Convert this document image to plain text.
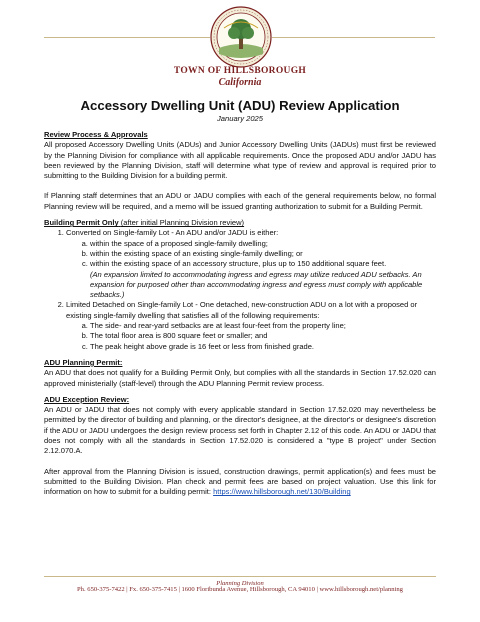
TOWN OF HILLSBOROUGH
California
Accessory Dwelling Unit (ADU) Review Application
January 2025
Review Process & Approvals

All proposed Accessory Dwelling Units (ADUs) and Junior Accessory Dwelling Units (JADUs) must first be reviewed by the Planning Division for compliance with all applicable requirements. Once the proposed ADU and/or JADU has been reviewed by the Planning Division, staff will determine what type of review and approval is required prior to submitting to the Building Division for a building permit.

If Planning staff determines that an ADU or JADU complies with each of the general requirements below, no formal Planning review will be required, and a memo will be issued granting authorization to submit for a Building Permit.

Building Permit Only (after initial Planning Division review)
1. Converted on Single-family Lot - An ADU and/or JADU is either:
a. within the space of a proposed single-family dwelling;
b. within the existing space of an existing single-family dwelling; or
c. within the existing space of an accessory structure, plus up to 150 additional square feet.
(An expansion limited to accommodating ingress and egress may utilize reduced ADU setbacks. An expansion for purposed other than accommodating ingress and egress must comply with applicable setbacks.)
2. Limited Detached on Single-family Lot - One detached, new-construction ADU on a lot with a proposed or existing single-family dwelling that satisfies all of the following requirements:
a. The side- and rear-yard setbacks are at least four-feet from the property line;
b. The total floor area is 800 square feet or smaller; and
c. The peak height above grade is 16 feet or less from finished grade.
ADU Planning Permit:

An ADU that does not qualify for a Building Permit Only, but complies with all the standards in Section 17.52.020 can approved ministerially (staff-level) through the ADU Planning Permit review process.

ADU Exception Review:

An ADU or JADU that does not comply with every applicable standard in Section 17.52.020 may nevertheless be permitted by the director of building and planning, or the director's designee, at the director's or designee's discretion if the ADU or JADU undergoes the design review process set forth in Chapter 2.12 of this code. An ADU or JADU that does not comply with all the standards in Section 17.52.020 is considered a "type B project" under Section 2.12.070.A.

After approval from the Planning Division is issued, construction drawings, permit application(s) and fees must be submitted to the Building Division. Plan check and permit fees are based on project valuation. Use this link for information on how to submit for a building permit: https://www.hillsborough.net/130/Building

Planning Division
Ph. 650-375-7422 | Fx. 650-375-7415 | 1600 Floribunda Avenue, Hillsborough, CA 94010 | www.hillsborough.net/planning
